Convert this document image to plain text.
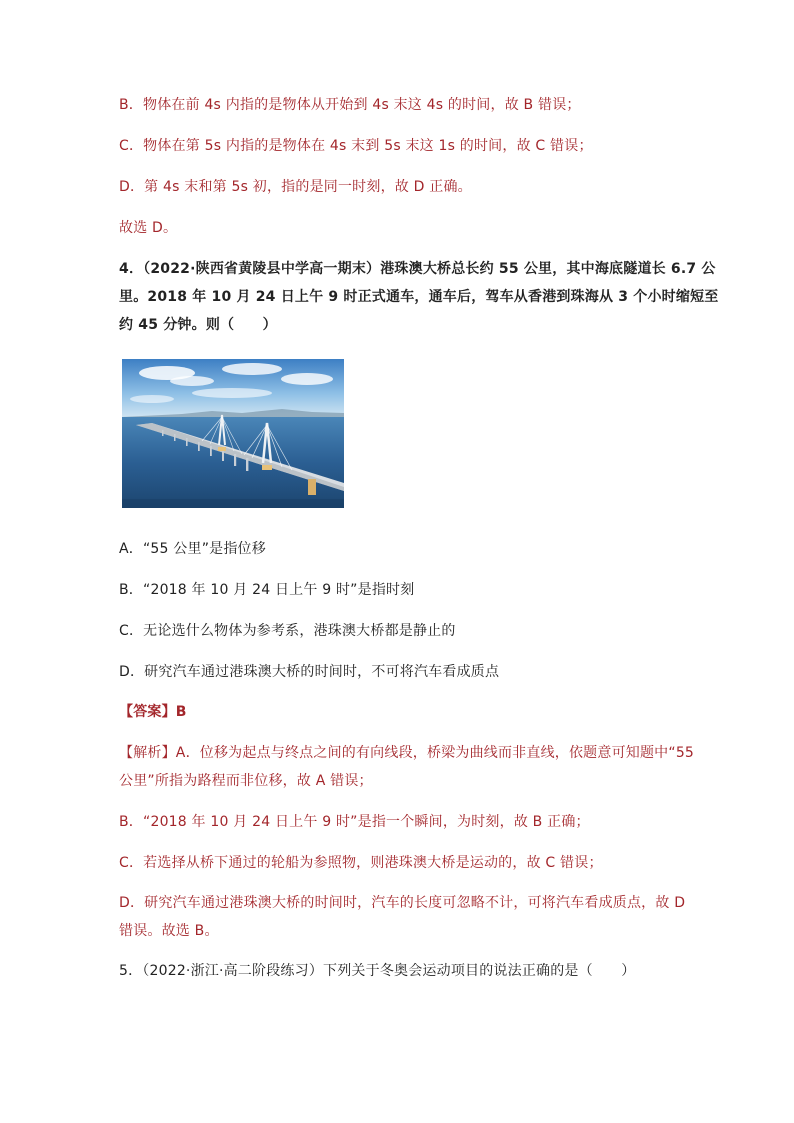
B．物体在前 4s 内指的是物体从开始到 4s 末这 4s 的时间，故 B 错误；
C．物体在第 5s 内指的是物体在 4s 末到 5s 末这 1s 的时间，故 C 错误；
D．第 4s 末和第 5s 初，指的是同一时刻，故 D 正确。
故选 D。
4．（2022·陕西省黄陵县中学高一期末）港珠澳大桥总长约 55 公里，其中海底隧道长 6.7 公
里。2018 年 10 月 24 日上午 9 时正式通车，通车后，驾车从香港到珠海从 3 个小时缩短至
约 45 分钟。则（　　）
A．“55 公里”是指位移
B．“2018 年 10 月 24 日上午 9 时”是指时刻
C．无论选什么物体为参考系，港珠澳大桥都是静止的
D．研究汽车通过港珠澳大桥的时间时，不可将汽车看成质点
【答案】B
【解析】A．位移为起点与终点之间的有向线段，桥梁为曲线而非直线，依题意可知题中“55
公里”所指为路程而非位移，故 A 错误；
B．“2018 年 10 月 24 日上午 9 时”是指一个瞬间，为时刻，故 B 正确；
C．若选择从桥下通过的轮船为参照物，则港珠澳大桥是运动的，故 C 错误；
D．研究汽车通过港珠澳大桥的时间时，汽车的长度可忽略不计，可将汽车看成质点，故 D
错误。故选 B。
5．（2022·浙江·高二阶段练习）下列关于冬奥会运动项目的说法正确的是（　　）
